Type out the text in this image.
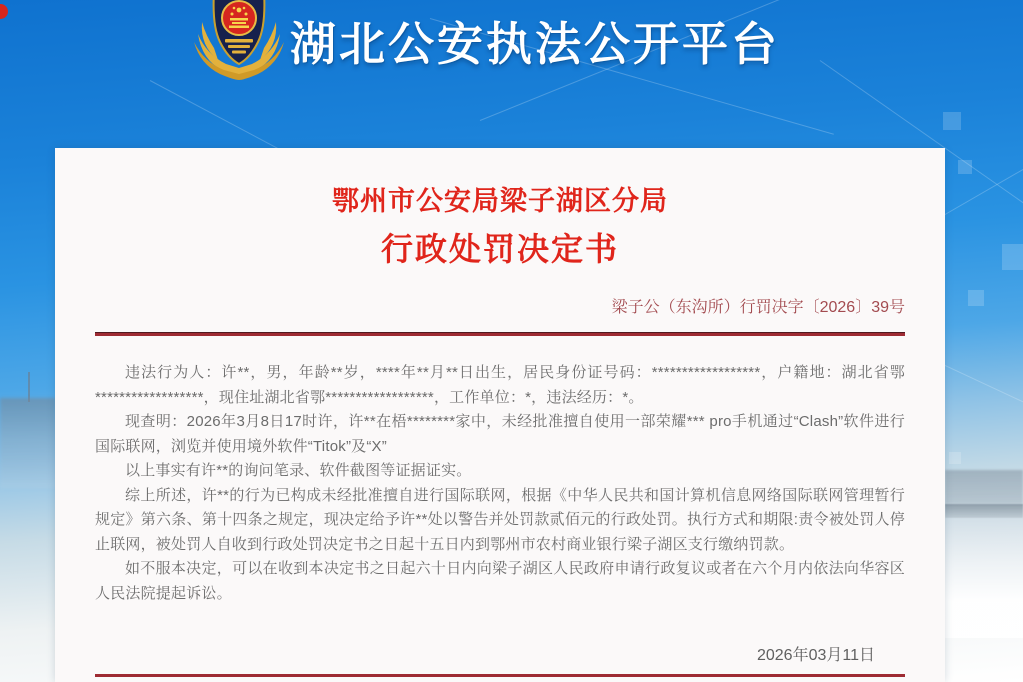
湖北公安执法公开平台
鄂州市公安局梁子湖区分局
行政处罚决定书
梁子公（东沟所）行罚决字〔2026〕39号

违法行为人：许**，男，年龄**岁，****年**月**日出生，居民身份证号码：******************，户籍地：湖北省鄂******************，现住址湖北省鄂******************，工作单位：*，违法经历：*。

现查明：2026年3月8日17时许，许**在梧********家中，未经批准擅自使用一部荣耀*** pro手机通过“Clash”软件进行国际联网，浏览并使用境外软件“Titok”及“X”

以上事实有许**的询问笔录、软件截图等证据证实。

综上所述，许**的行为已构成未经批准擅自进行国际联网，根据《中华人民共和国计算机信息网络国际联网管理暂行规定》第六条、第十四条之规定，现决定给予许**处以警告并处罚款贰佰元的行政处罚。执行方式和期限:责令被处罚人停止联网，被处罚人自收到行政处罚决定书之日起十五日内到鄂州市农村商业银行梁子湖区支行缴纳罚款。

如不服本决定，可以在收到本决定书之日起六十日内向梁子湖区人民政府申请行政复议或者在六个月内依法向华容区人民法院提起诉讼。

2026年03月11日
